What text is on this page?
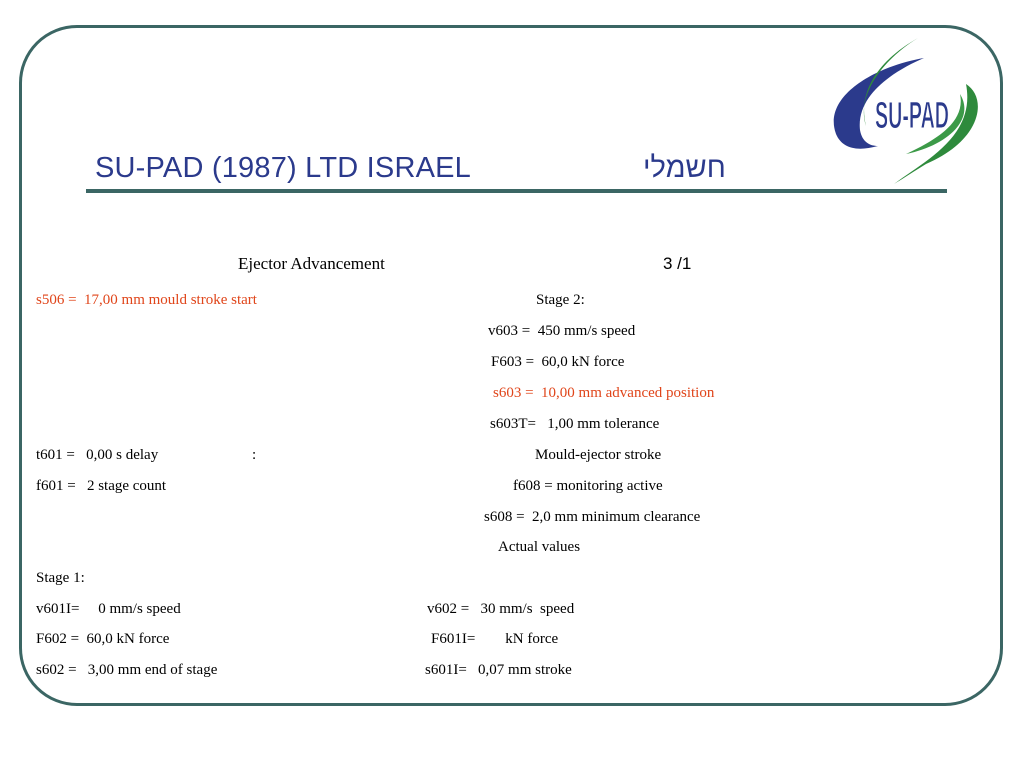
SU-PAD
SU-PAD (1987) LTD ISRAEL	חשמלי
Ejector Advancement	3 /1
s506 =  17,00 mm mould stroke start	Stage 2:
v603 =  450 mm/s speed
F603 =  60,0 kN force
s603 =  10,00 mm advanced position
s603T=   1,00 mm tolerance
t601 =   0,00 s delay	:	Mould-ejector stroke
f601 =   2 stage count	f608 = monitoring active
s608 =  2,0 mm minimum clearance
Actual values
Stage 1:
v601I=     0 mm/s speed	v602 =   30 mm/s  speed
F602 =  60,0 kN force	F601I=        kN force
s602 =   3,00 mm end of stage	s601I=   0,07 mm stroke
